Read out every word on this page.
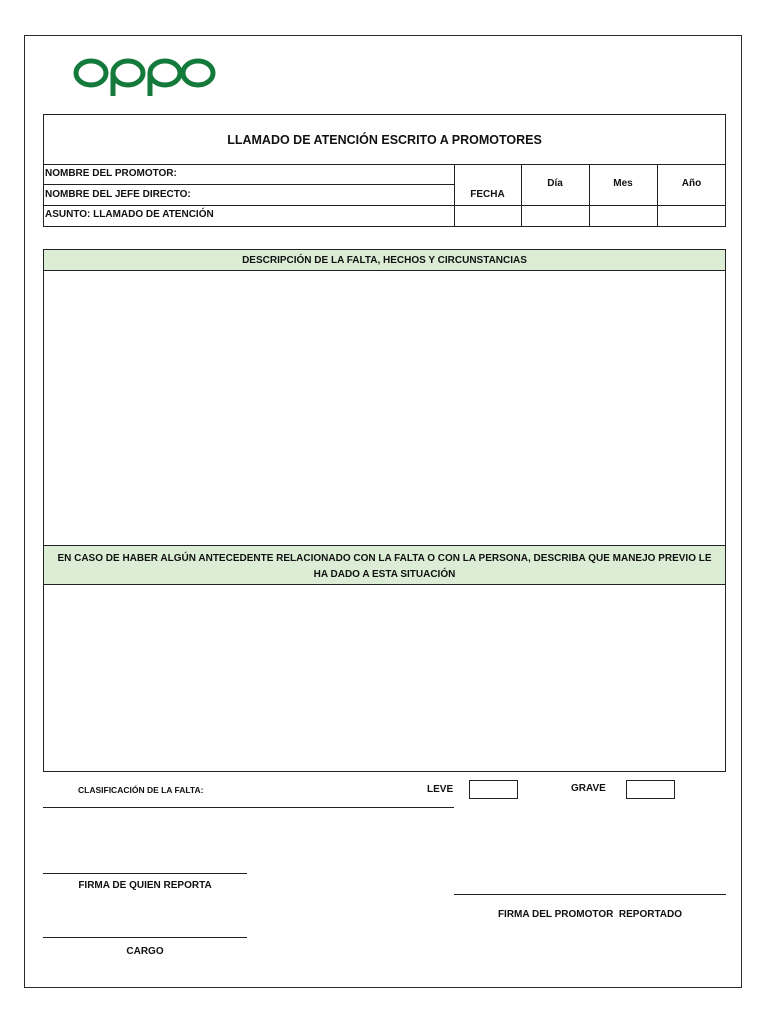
oppo
LLAMADO DE ATENCIÓN ESCRITO A PROMOTORES
NOMBRE DEL PROMOTOR:
NOMBRE DEL JEFE DIRECTO:
ASUNTO: LLAMADO DE ATENCIÓN
FECHA
Día	Mes	Año
DESCRIPCIÓN DE LA FALTA, HECHOS Y CIRCUNSTANCIAS
EN CASO DE HABER ALGÚN ANTECEDENTE RELACIONADO CON LA FALTA O CON LA PERSONA, DESCRIBA QUE MANEJO PREVIO LE
HA DADO A ESTA SITUACIÓN
CLASIFICACIÓN DE LA FALTA:	LEVE	GRAVE
FIRMA DE QUIEN REPORTA
CARGO
FIRMA DEL PROMOTOR  REPORTADO
